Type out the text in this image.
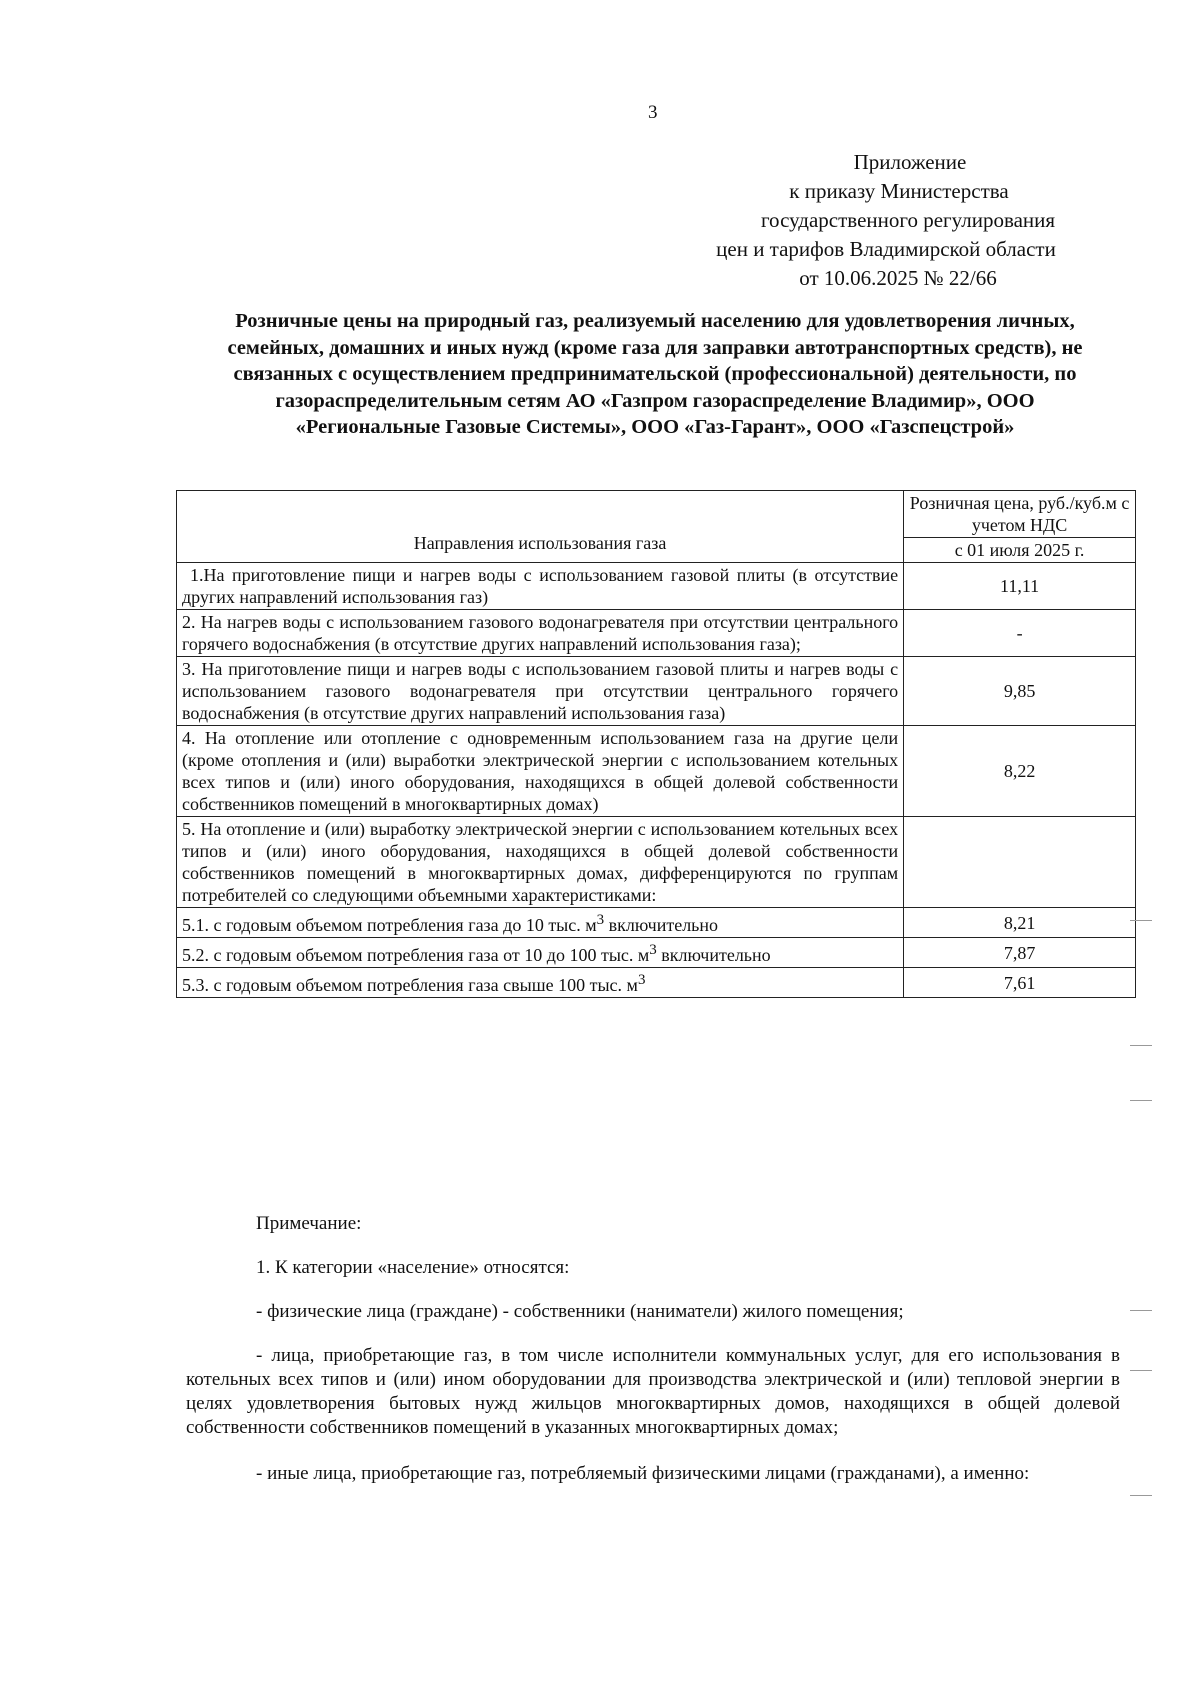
3
Приложение
к приказу Министерства
государственного регулирования
цен и тарифов Владимирской области
от 10.06.2025 № 22/66
Розничные цены на природный газ, реализуемый населению для удовлетворения личных, семейных, домашних и иных нужд (кроме газа для заправки автотранспортных средств), не связанных с осуществлением предпринимательской (профессиональной) деятельности, по газораспределительным сетям АО «Газпром газораспределение Владимир», ООО «Региональные Газовые Системы», ООО «Газ-Гарант», ООО «Газспецстрой»
Направления использования газа	Розничная цена, руб./куб.м с учетом НДС
	с 01 июля 2025 г.
1.На приготовление пищи и нагрев воды с использованием газовой плиты (в отсутствие других направлений использования газ)	11,11
2. На нагрев воды с использованием газового водонагревателя при отсутствии центрального горячего водоснабжения (в отсутствие других направлений использования газа);	-
3. На приготовление пищи и нагрев воды с использованием газовой плиты и нагрев воды с использованием газового водонагревателя при отсутствии центрального горячего водоснабжения (в отсутствие других направлений использования газа)	9,85
4. На отопление или отопление с одновременным использованием газа на другие цели (кроме отопления и (или) выработки электрической энергии с использованием котельных всех типов и (или) иного оборудования, находящихся в общей долевой собственности собственников помещений в многоквартирных домах)	8,22
5. На отопление и (или) выработку электрической энергии с использованием котельных всех типов и (или) иного оборудования, находящихся в общей долевой собственности собственников помещений в многоквартирных домах, дифференцируются по группам потребителей со следующими объемными характеристиками:	
5.1. с годовым объемом потребления газа до 10 тыс. $м^3$ включительно	8,21
5.2. с годовым объемом потребления газа от 10 до 100 тыс. $м^3$ включительно	7,87
5.3. с годовым объемом потребления газа свыше 100 тыс. $м^3$	7,61

Примечание:

1. К категории «население» относятся:

- физические лица (граждане) - собственники (наниматели) жилого помещения;

- лица, приобретающие газ, в том числе исполнители коммунальных услуг, для его использования в котельных всех типов и (или) ином оборудовании для производства электрической и (или) тепловой энергии в целях удовлетворения бытовых нужд жильцов многоквартирных домов, находящихся в общей долевой собственности собственников помещений в указанных многоквартирных домах;

- иные лица, приобретающие газ, потребляемый физическими лицами (гражданами), а именно:
